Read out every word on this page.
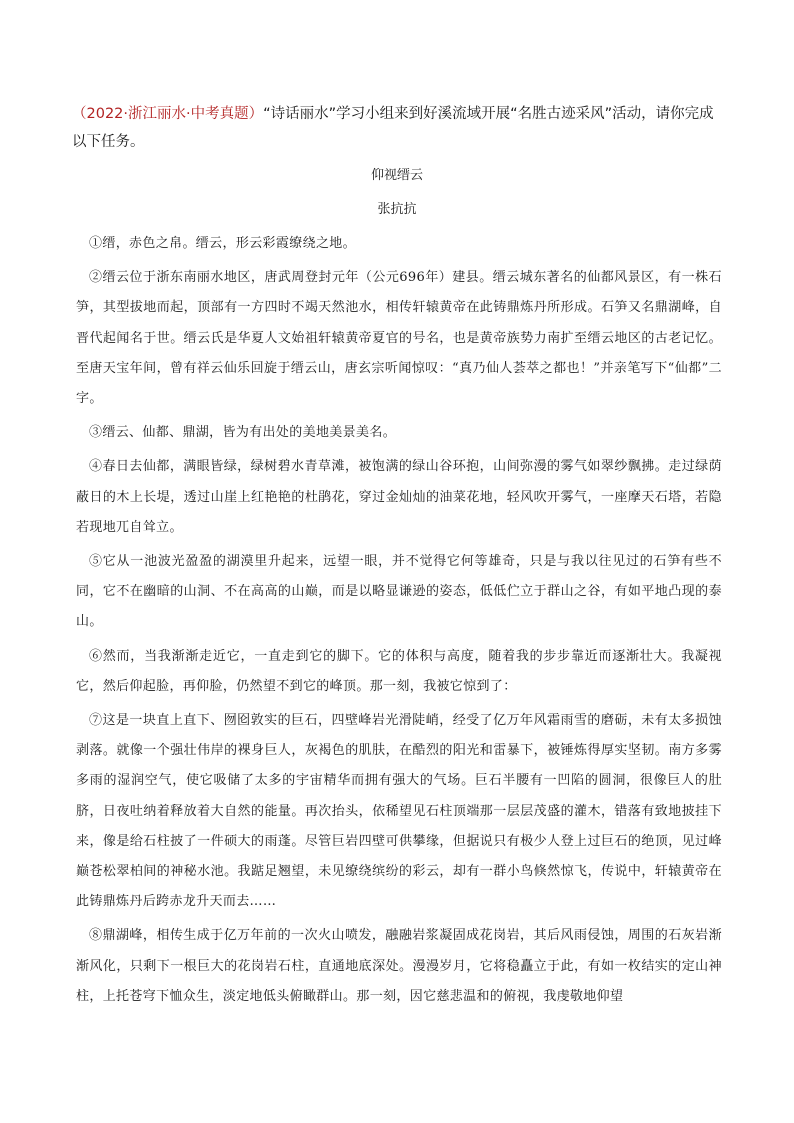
（2022·浙江丽水·中考真题）“诗话丽水”学习小组来到好溪流域开展“名胜古迹采风”活动，请你完成以下任务。

仰视缙云

张抗抗

①缙，赤色之帛。缙云，形云彩霞缭绕之地。

②缙云位于浙东南丽水地区，唐武周登封元年（公元696年）建县。缙云城东著名的仙都风景区，有一株石笋，其型拔地而起，顶部有一方四时不竭天然池水，相传轩辕黄帝在此铸鼎炼丹所形成。石笋又名鼎湖峰，自晋代起闻名于世。缙云氏是华夏人文始祖轩辕黄帝夏官的号名，也是黄帝族势力南扩至缙云地区的古老记忆。至唐天宝年间，曾有祥云仙乐回旋于缙云山，唐玄宗听闻惊叹：“真乃仙人荟萃之都也！”并亲笔写下“仙都”二字。

③缙云、仙都、鼎湖，皆为有出处的美地美景美名。

④春日去仙都，满眼皆绿，绿树碧水青草滩，被饱满的绿山谷环抱，山间弥漫的雾气如翠纱飘拂。走过绿荫蔽日的木上长堤，透过山崖上红艳艳的杜鹃花，穿过金灿灿的油菜花地，轻风吹开雾气，一座摩天石塔，若隐若现地兀自耸立。

⑤它从一池波光盈盈的湖漠里升起来，远望一眼，并不觉得它何等雄奇，只是与我以往见过的石笋有些不同，它不在幽暗的山洞、不在高高的山巅，而是以略显谦逊的姿态，低低伫立于群山之谷，有如平地凸现的泰山。

⑥然而，当我渐渐走近它，一直走到它的脚下。它的体积与高度，随着我的步步靠近而逐渐壮大。我凝视它，然后仰起脸，再仰脸，仍然望不到它的峰顶。那一刻，我被它惊到了：

⑦这是一块直上直下、囫囵敦实的巨石，四壁峰岩光滑陡峭，经受了亿万年风霜雨雪的磨砺，未有太多损蚀剥落。就像一个强壮伟岸的裸身巨人，灰褐色的肌肤，在酷烈的阳光和雷暴下，被锤炼得厚实坚韧。南方多雾多雨的湿润空气，使它吸储了太多的宇宙精华而拥有强大的气场。巨石半腰有一凹陷的圆洞，很像巨人的肚脐，日夜吐纳着释放着大自然的能量。再次抬头，依稀望见石柱顶端那一层层茂盛的灌木，错落有致地披挂下来，像是给石柱披了一件硕大的雨蓬。尽管巨岩四壁可供攀缘，但据说只有极少人登上过巨石的绝顶，见过峰巅苍松翠柏间的神秘水池。我踮足翘望，未见缭绕缤纷的彩云，却有一群小鸟倏然惊飞，传说中，轩辕黄帝在此铸鼎炼丹后跨赤龙升天而去……

⑧鼎湖峰，相传生成于亿万年前的一次火山喷发，融融岩浆凝固成花岗岩，其后风雨侵蚀，周围的石灰岩渐渐风化，只剩下一根巨大的花岗岩石柱，直通地底深处。漫漫岁月，它将稳矗立于此，有如一枚结实的定山神柱，上托苍穹下恤众生，淡定地低头俯瞰群山。那一刻，因它慈悲温和的俯视，我虔敬地仰望
